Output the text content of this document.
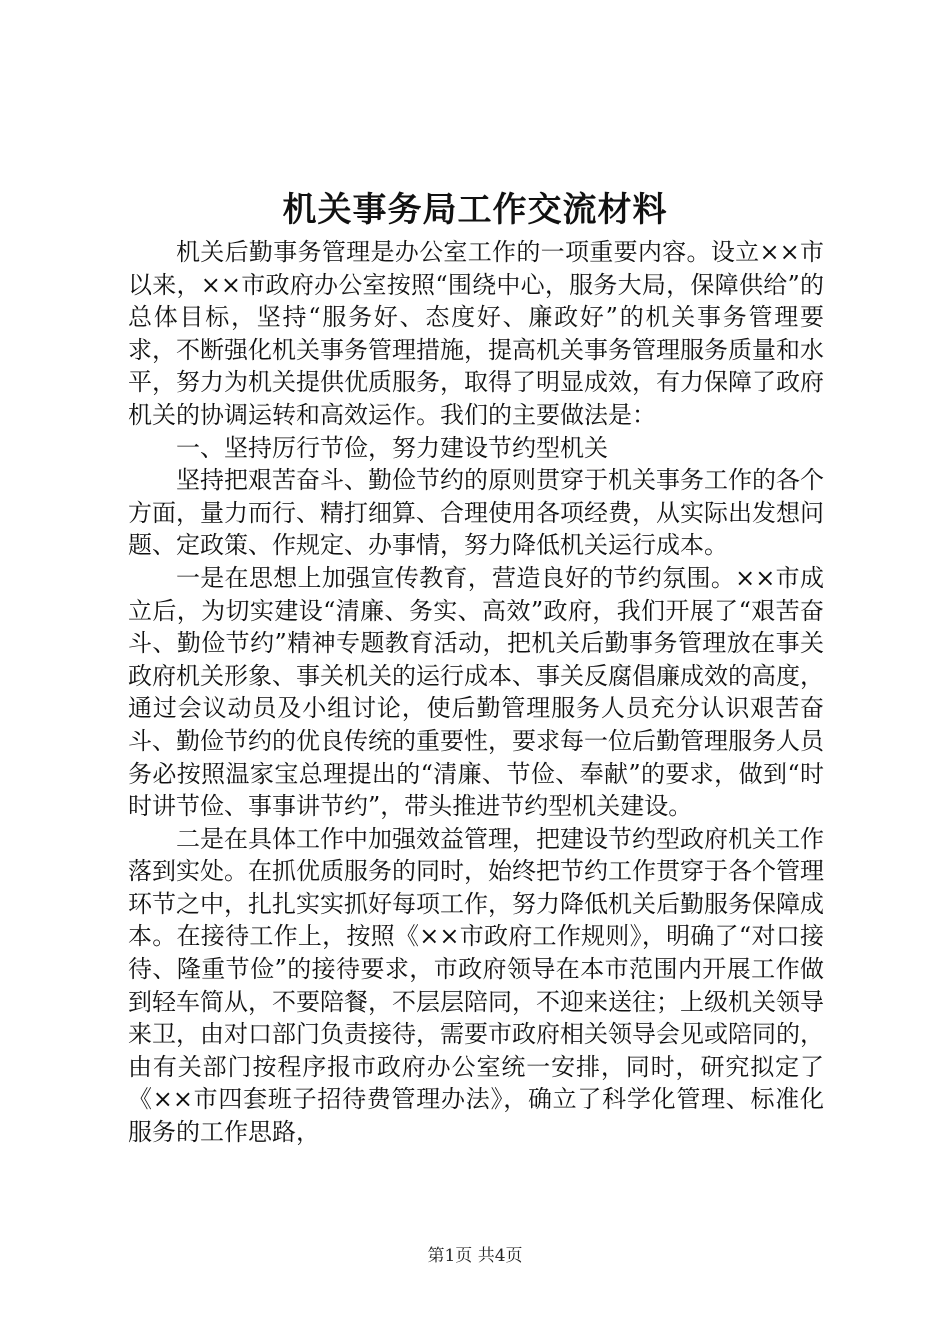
机关事务局工作交流材料

机关后勤事务管理是办公室工作的一项重要内容。设立××市以来，××市政府办公室按照“围绕中心，服务大局，保障供给”的总体目标，坚持“服务好、态度好、廉政好”的机关事务管理要求，不断强化机关事务管理措施，提高机关事务管理服务质量和水平，努力为机关提供优质服务，取得了明显成效，有力保障了政府机关的协调运转和高效运作。我们的主要做法是：

一、坚持厉行节俭，努力建设节约型机关

坚持把艰苦奋斗、勤俭节约的原则贯穿于机关事务工作的各个方面，量力而行、精打细算、合理使用各项经费，从实际出发想问题、定政策、作规定、办事情，努力降低机关运行成本。

一是在思想上加强宣传教育，营造良好的节约氛围。××市成立后，为切实建设“清廉、务实、高效”政府，我们开展了“艰苦奋斗、勤俭节约”精神专题教育活动，把机关后勤事务管理放在事关政府机关形象、事关机关的运行成本、事关反腐倡廉成效的高度，通过会议动员及小组讨论，使后勤管理服务人员充分认识艰苦奋斗、勤俭节约的优良传统的重要性，要求每一位后勤管理服务人员务必按照温家宝总理提出的“清廉、节俭、奉献”的要求，做到“时时讲节俭、事事讲节约”，带头推进节约型机关建设。

二是在具体工作中加强效益管理，把建设节约型政府机关工作落到实处。在抓优质服务的同时，始终把节约工作贯穿于各个管理环节之中，扎扎实实抓好每项工作，努力降低机关后勤服务保障成本。在接待工作上，按照《××市政府工作规则》，明确了“对口接待、隆重节俭”的接待要求，市政府领导在本市范围内开展工作做到轻车简从，不要陪餐，不层层陪同，不迎来送往；上级机关领导来卫，由对口部门负责接待，需要市政府相关领导会见或陪同的，由有关部门按程序报市政府办公室统一安排，同时，研究拟定了《××市四套班子招待费管理办法》，确立了科学化管理、标准化服务的工作思路，

第1页 共4页
